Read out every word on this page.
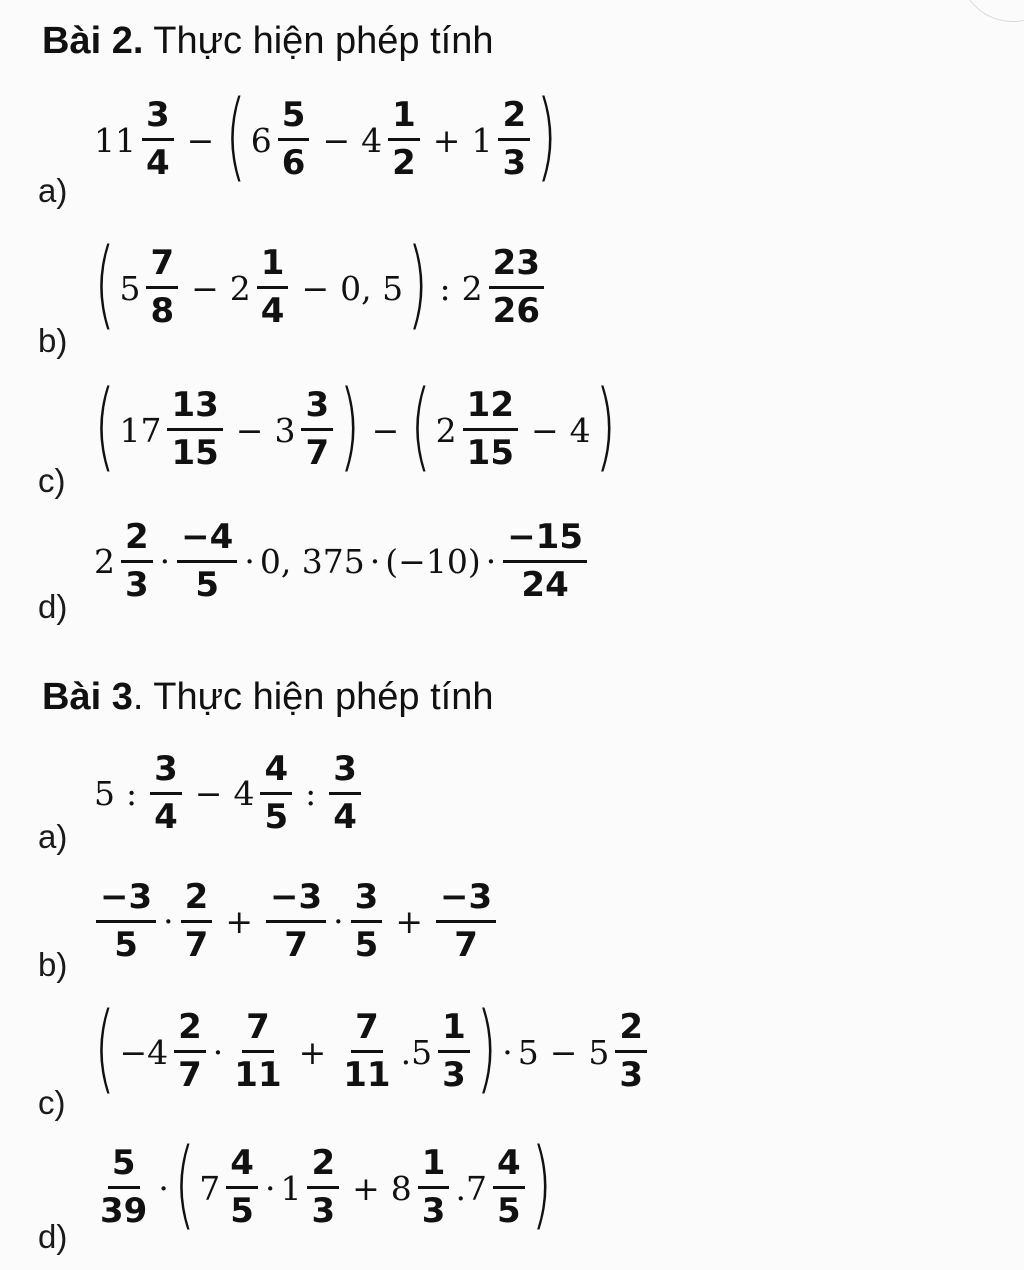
Bài 2. Thực hiện phép tính
a)
$11 \frac{3}{4}$ − ( $6 \frac{5}{6} - 4 \frac{1}{2} + 1 \frac{2}{3}$ )
b)
( $5 \frac{7}{8} - 2 \frac{1}{4} - 0$, 5 ) : $2 \frac{23}{26}$
c) ( $17 \frac{13}{15} - 3 \frac{3}{7}$ ) − ( $2 \frac{12}{15} - 4$ )
d)
$2 \frac{2}{3} \cdot \frac{-4}{5} \cdot 0$, $375 \cdot (-10) \cdot \frac{-15}{24}$
Bài 3. Thực hiện phép tính
a)
5 : $\frac{3}{4} - 4 \frac{4}{5}$ : $\frac{3}{4}$
b)
$\frac{-3}{5} \cdot \frac{2}{7} + \frac{-3}{7} \cdot \frac{3}{5} + \frac{-3}{7}$
c) ( $-4 \frac{2}{7} \cdot \frac{7}{11} + \frac{7}{11} .5 \frac{1}{3}$ ) · $5 - 5 \frac{2}{3}$
d)
$\frac{5}{39}$ · ( $7 \frac{4}{5} \cdot 1 \frac{2}{3} + 8 \frac{1}{3} .7 \frac{4}{5}$ )
